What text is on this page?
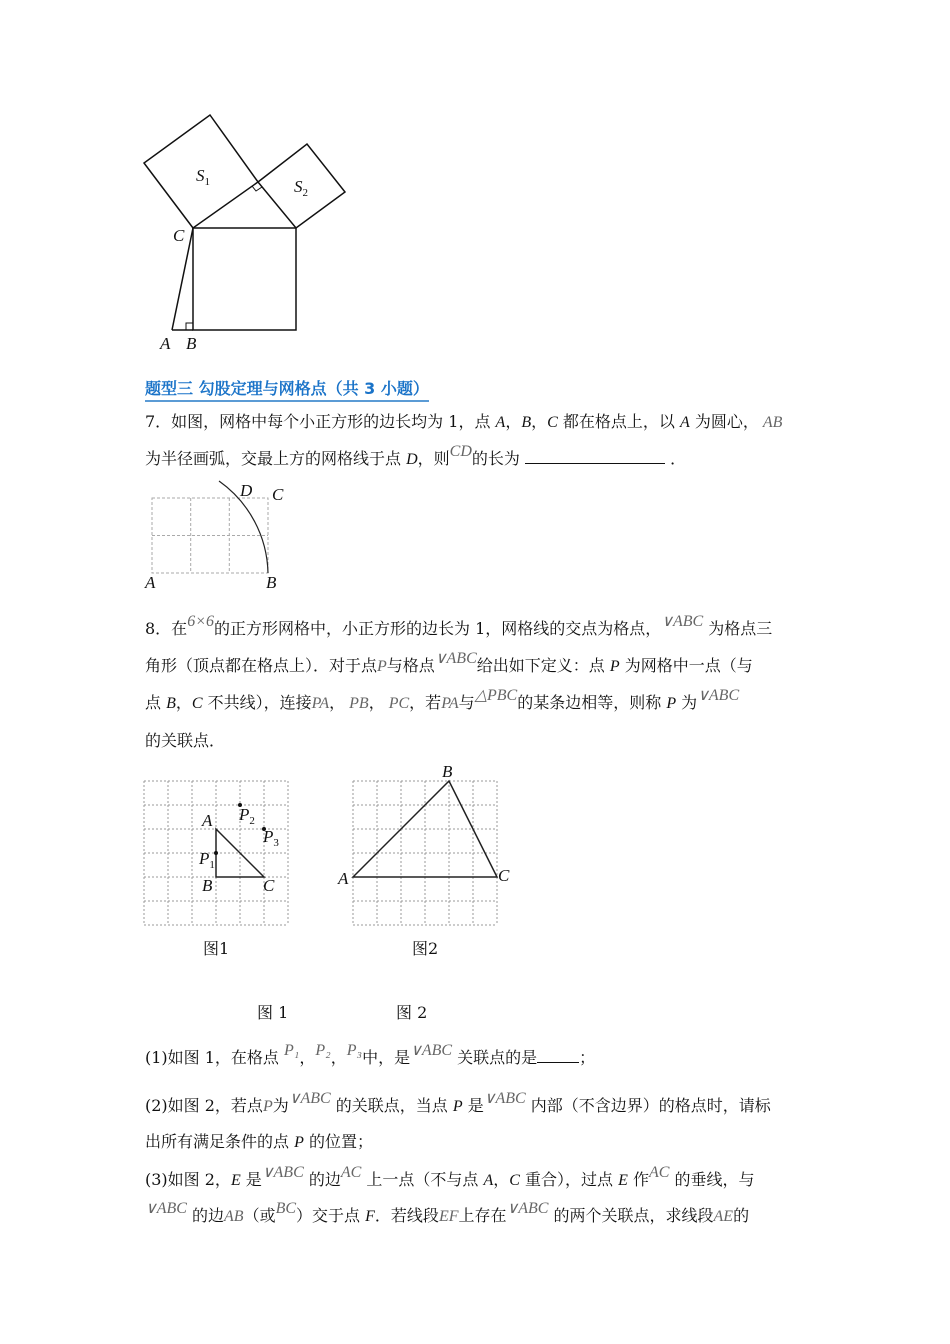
$S_1$	$S_2$
C
A B
题型三 勾股定理与网格点（共 3 小题）
7．如图，网格中每个小正方形的边长均为 1，点 A，B，C 都在格点上，以 A 为圆心， AB
为半径画弧，交最上方的网格线于点 D，则CD的长为	．
A	B
C
D
8．在6×6的正方形网格中，小正方形的边长为 1，网格线的交点为格点，∨ABC 为格点三
角形（顶点都在格点上）．对于点P与格点∨ABC给出如下定义：点 P 为网格中一点（与
点 B，C 不共线），连接PA， PB， PC，若PA与△PBC的某条边相等，则称 P 为∨ABC
的关联点．
A
B	C
$P_1$
$P_2$
$P_3$
A
B
C
图1	图2
图 1	图 2
(1)如图 1，在格点 P₁，P₂，P₃中，是∨ABC 关联点的是	；
(2)如图 2，若点P为∨ABC 的关联点，当点 P 是∨ABC 内部（不含边界）的格点时，请标
出所有满足条件的点 P 的位置；
(3)如图 2，E 是∨ABC 的边AC 上一点（不与点 A，C 重合），过点 E 作AC 的垂线，与
∨ABC 的边AB（或BC）交于点 F．若线段EF上存在∨ABC 的两个关联点，求线段AE的
